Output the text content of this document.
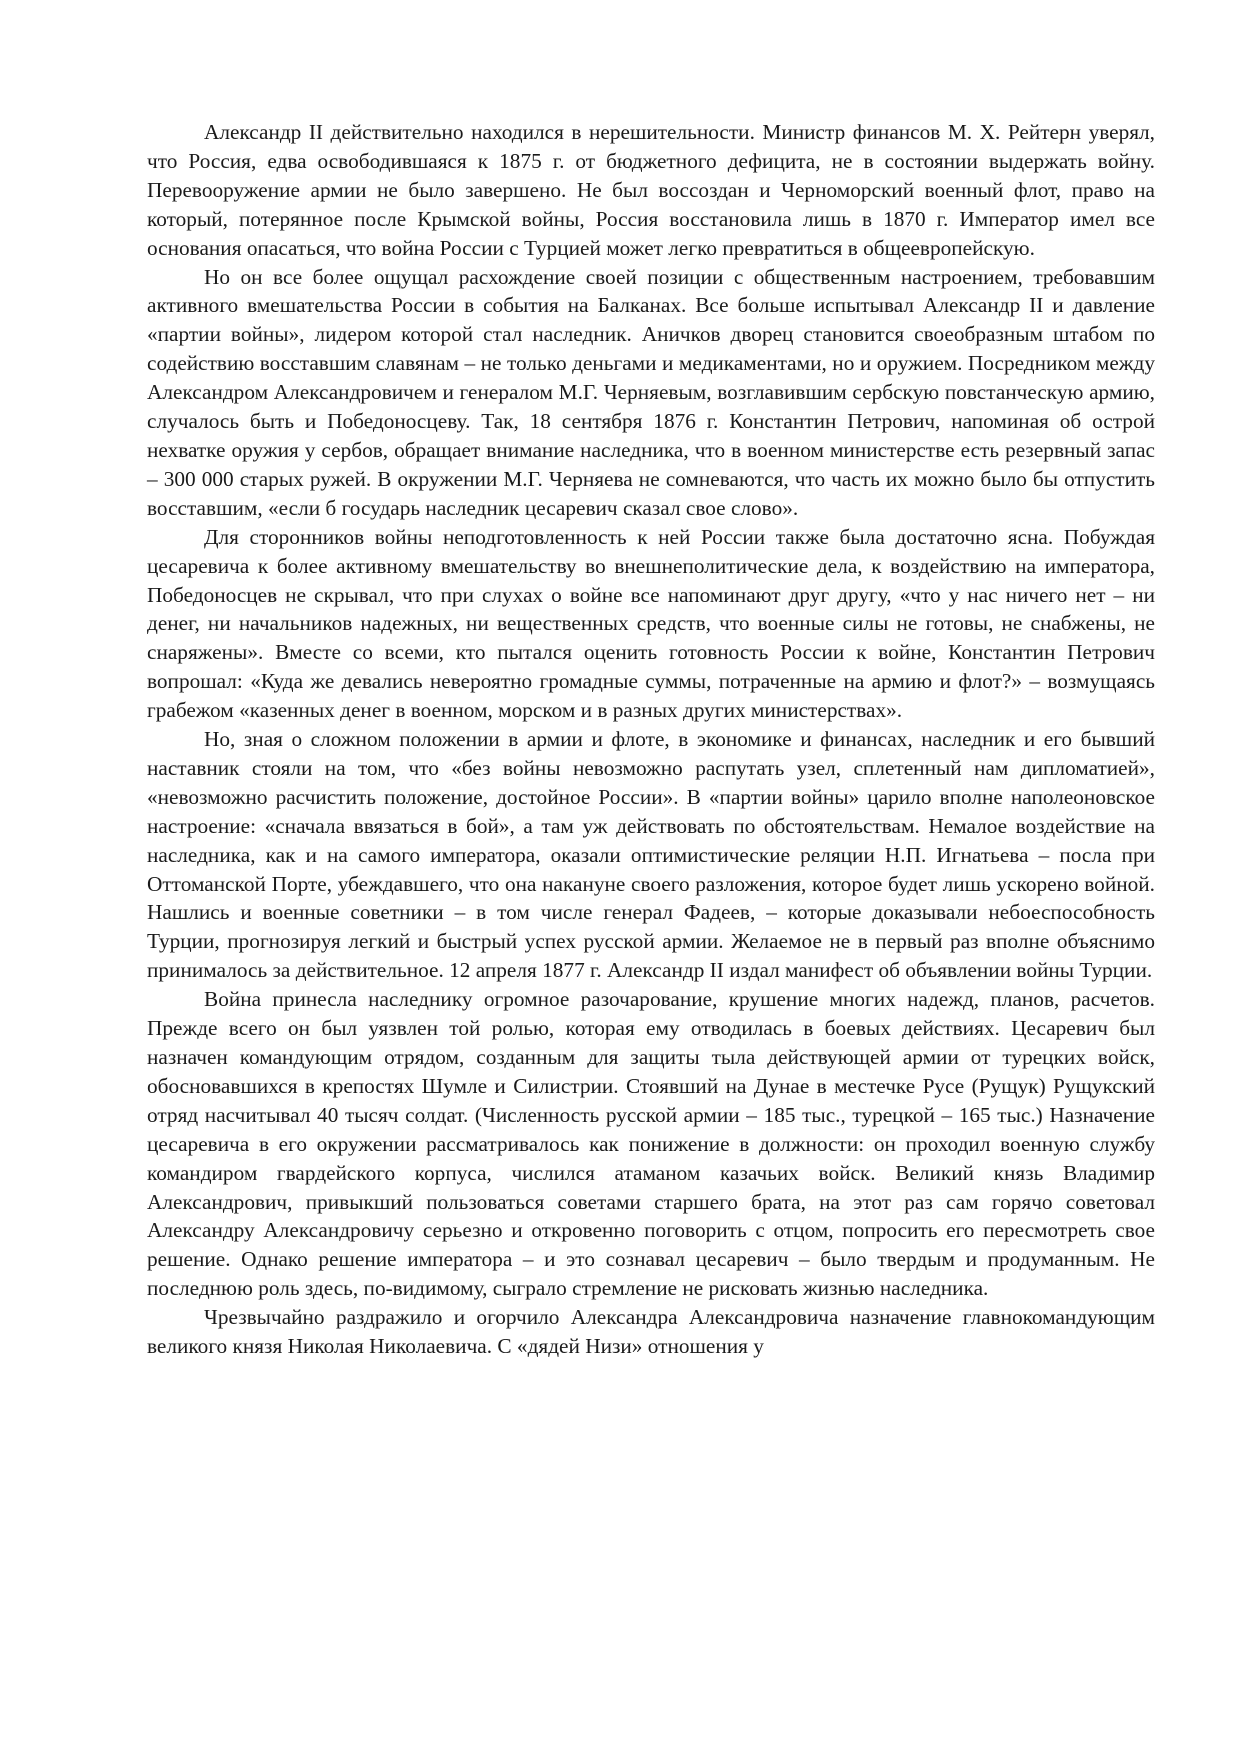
Александр II действительно находился в нерешительности. Министр финансов М. Х. Рейтерн уверял, что Россия, едва освободившаяся к 1875 г. от бюджетного дефицита, не в состоянии выдержать войну. Перевооружение армии не было завершено. Не был воссоздан и Черноморский военный флот, право на который, потерянное после Крымской войны, Россия восстановила лишь в 1870 г. Император имел все основания опасаться, что война России с Турцией может легко превратиться в общеевропейскую.

Но он все более ощущал расхождение своей позиции с общественным настроением, требовавшим активного вмешательства России в события на Балканах. Все больше испытывал Александр II и давление «партии войны», лидером которой стал наследник. Аничков дворец становится своеобразным штабом по содействию восставшим славянам – не только деньгами и медикаментами, но и оружием. Посредником между Александром Александровичем и генералом М.Г. Черняевым, возглавившим сербскую повстанческую армию, случалось быть и Победоносцеву. Так, 18 сентября 1876 г. Константин Петрович, напоминая об острой нехватке оружия у сербов, обращает внимание наследника, что в военном министерстве есть резервный запас – 300 000 старых ружей. В окружении М.Г. Черняева не сомневаются, что часть их можно было бы отпустить восставшим, «если б государь наследник цесаревич сказал свое слово».

Для сторонников войны неподготовленность к ней России также была достаточно ясна. Побуждая цесаревича к более активному вмешательству во внешнеполитические дела, к воздействию на императора, Победоносцев не скрывал, что при слухах о войне все напоминают друг другу, «что у нас ничего нет – ни денег, ни начальников надежных, ни вещественных средств, что военные силы не готовы, не снабжены, не снаряжены». Вместе со всеми, кто пытался оценить готовность России к войне, Константин Петрович вопрошал: «Куда же девались невероятно громадные суммы, потраченные на армию и флот?» – возмущаясь грабежом «казенных денег в военном, морском и в разных других министерствах».

Но, зная о сложном положении в армии и флоте, в экономике и финансах, наследник и его бывший наставник стояли на том, что «без войны невозможно распутать узел, сплетенный нам дипломатией», «невозможно расчистить положение, достойное России». В «партии войны» царило вполне наполеоновское настроение: «сначала ввязаться в бой», а там уж действовать по обстоятельствам. Немалое воздействие на наследника, как и на самого императора, оказали оптимистические реляции Н.П. Игнатьева – посла при Оттоманской Порте, убеждавшего, что она накануне своего разложения, которое будет лишь ускорено войной. Нашлись и военные советники – в том числе генерал Фадеев, – которые доказывали небоеспособность Турции, прогнозируя легкий и быстрый успех русской армии. Желаемое не в первый раз вполне объяснимо принималось за действительное. 12 апреля 1877 г. Александр II издал манифест об объявлении войны Турции.

Война принесла наследнику огромное разочарование, крушение многих надежд, планов, расчетов. Прежде всего он был уязвлен той ролью, которая ему отводилась в боевых действиях. Цесаревич был назначен командующим отрядом, созданным для защиты тыла действующей армии от турецких войск, обосновавшихся в крепостях Шумле и Силистрии. Стоявший на Дунае в местечке Русе (Рущук) Рущукский отряд насчитывал 40 тысяч солдат. (Численность русской армии – 185 тыс., турецкой – 165 тыс.) Назначение цесаревича в его окружении рассматривалось как понижение в должности: он проходил военную службу командиром гвардейского корпуса, числился атаманом казачьих войск. Великий князь Владимир Александрович, привыкший пользоваться советами старшего брата, на этот раз сам горячо советовал Александру Александровичу серьезно и откровенно поговорить с отцом, попросить его пересмотреть свое решение. Однако решение императора – и это сознавал цесаревич – было твердым и продуманным. Не последнюю роль здесь, по-видимому, сыграло стремление не рисковать жизнью наследника.

Чрезвычайно раздражило и огорчило Александра Александровича назначение главнокомандующим великого князя Николая Николаевича. С «дядей Низи» отношения у
